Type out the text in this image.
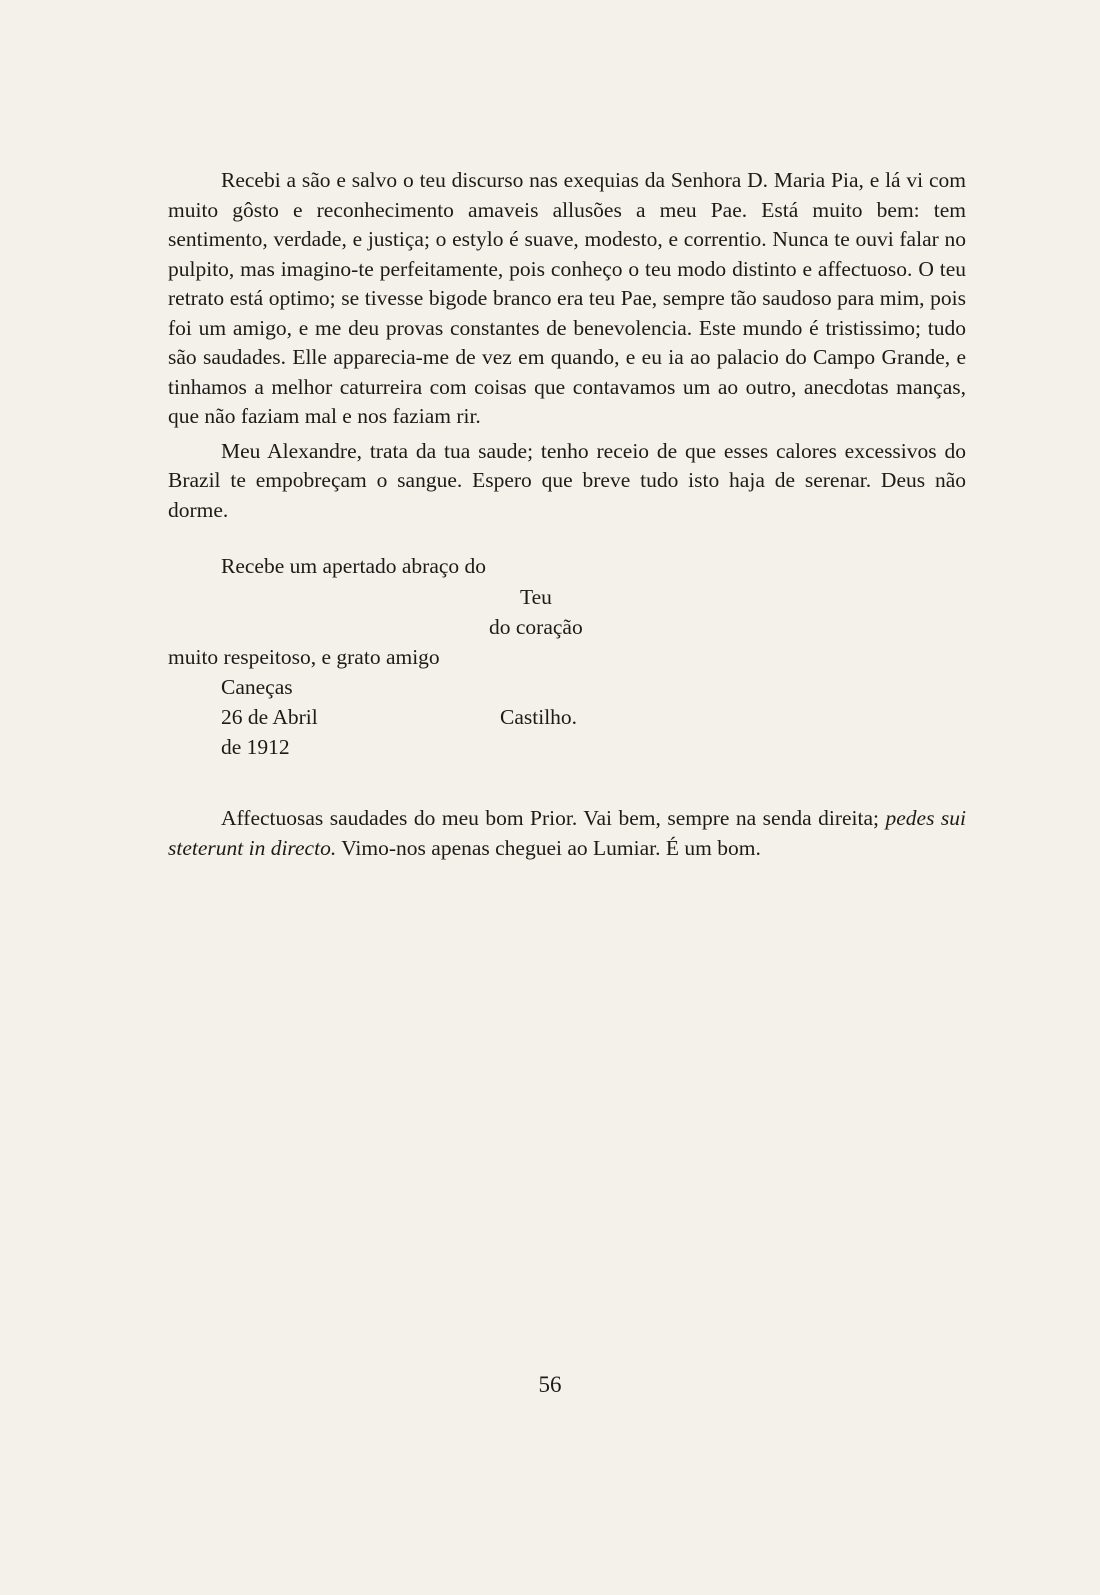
Recebi a são e salvo o teu discurso nas exequias da Senhora D. Maria Pia, e lá vi com muito gôsto e reconhecimento amaveis allusões a meu Pae. Está muito bem: tem sentimento, verdade, e justiça; o estylo é suave, modesto, e correntio. Nunca te ouvi falar no pulpito, mas imagino-te perfeitamente, pois conheço o teu modo distinto e affectuoso. O teu retrato está optimo; se tivesse bigode branco era teu Pae, sempre tão saudoso para mim, pois foi um amigo, e me deu provas constantes de benevolencia. Este mundo é tristissimo; tudo são saudades. Elle apparecia-me de vez em quando, e eu ia ao palacio do Campo Grande, e tinhamos a melhor caturreira com coisas que contavamos um ao outro, anecdotas manças, que não faziam mal e nos faziam rir.

Meu Alexandre, trata da tua saude; tenho receio de que esses calores excessivos do Brazil te empobreçam o sangue. Espero que breve tudo isto haja de serenar. Deus não dorme.

Recebe um apertado abraço do
Teu
do coração
muito respeitoso, e grato amigo
Caneças
26 de Abril	Castilho.
de 1912

Affectuosas saudades do meu bom Prior. Vai bem, sempre na senda direita; pedes sui steterunt in directo. Vimo-nos apenas cheguei ao Lumiar. É um bom.

56
